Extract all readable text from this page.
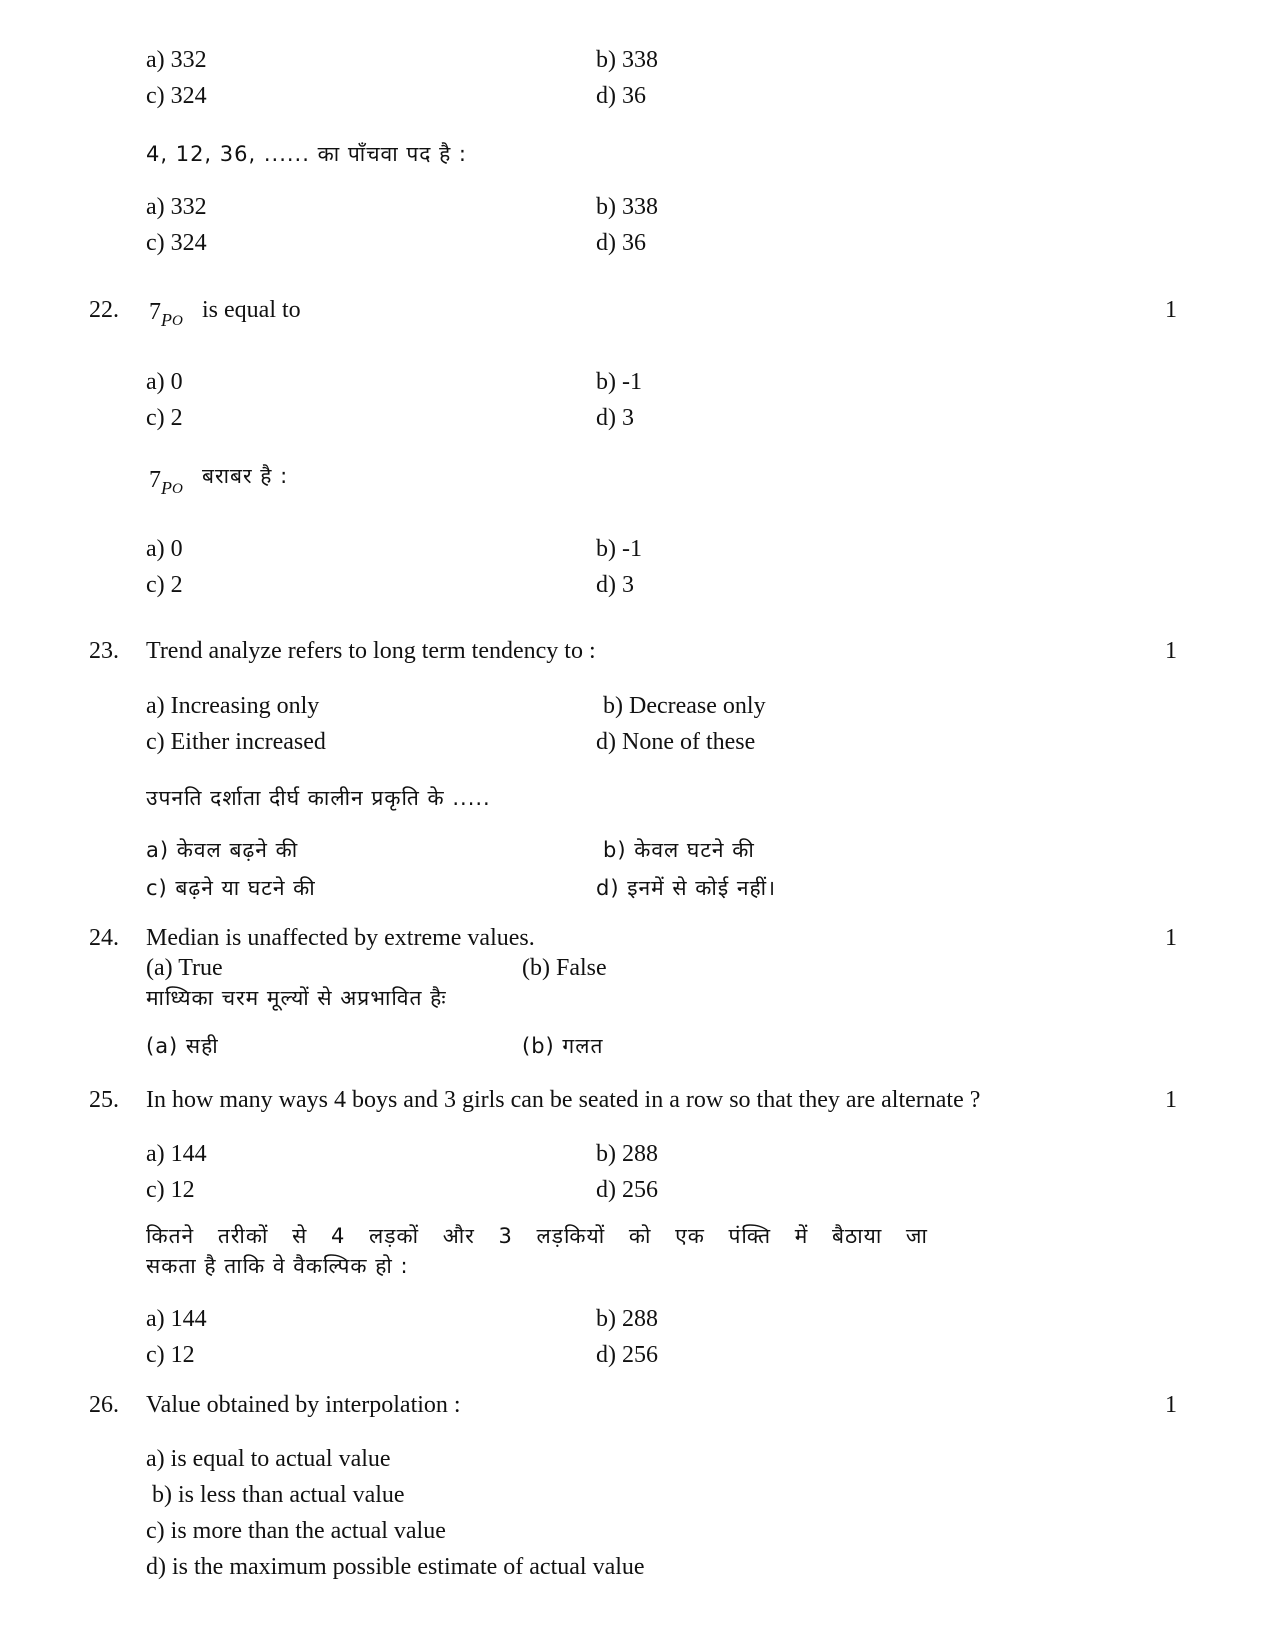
a) 332	b) 338
c) 324	d) 36
4, 12, 36, ...... का पाँचवा पद है :
a) 332	b) 338
c) 324	d) 36
22. $7_{PO}$ is equal to	1
a) 0	b) -1
c) 2	d) 3
$7_{PO}$
बराबर है :
a) 0	b) -1
c) 2	d) 3
23. Trend analyze refers to long term tendency to :	1
a) Increasing only	b) Decrease only
c) Either increased	d) None of these
उपनति दर्शाता दीर्घ कालीन प्रकृति के .....
a) केवल बढ़ने की	b) केवल घटने की
c) बढ़ने या घटने की	d) इनमें से कोई नहीं।
24. Median is unaffected by extreme values.	1
(a) True	(b) False
माध्यिका चरम मूल्यों से अप्रभावित हैः
(a) सही	(b) गलत
25. In how many ways 4 boys and 3 girls can be seated in a row so that they are alternate ?	1
a) 144	b) 288
c) 12	d) 256
कितने तरीकों से 4 लड़कों और 3 लड़कियों को एक पंक्ति में बैठाया जा
सकता है ताकि वे वैकल्पिक हो :
a) 144	b) 288
c) 12	d) 256
26. Value obtained by interpolation :	1
a) is equal to actual value
b) is less than actual value
c) is more than the actual value
d) is the maximum possible estimate of actual value
